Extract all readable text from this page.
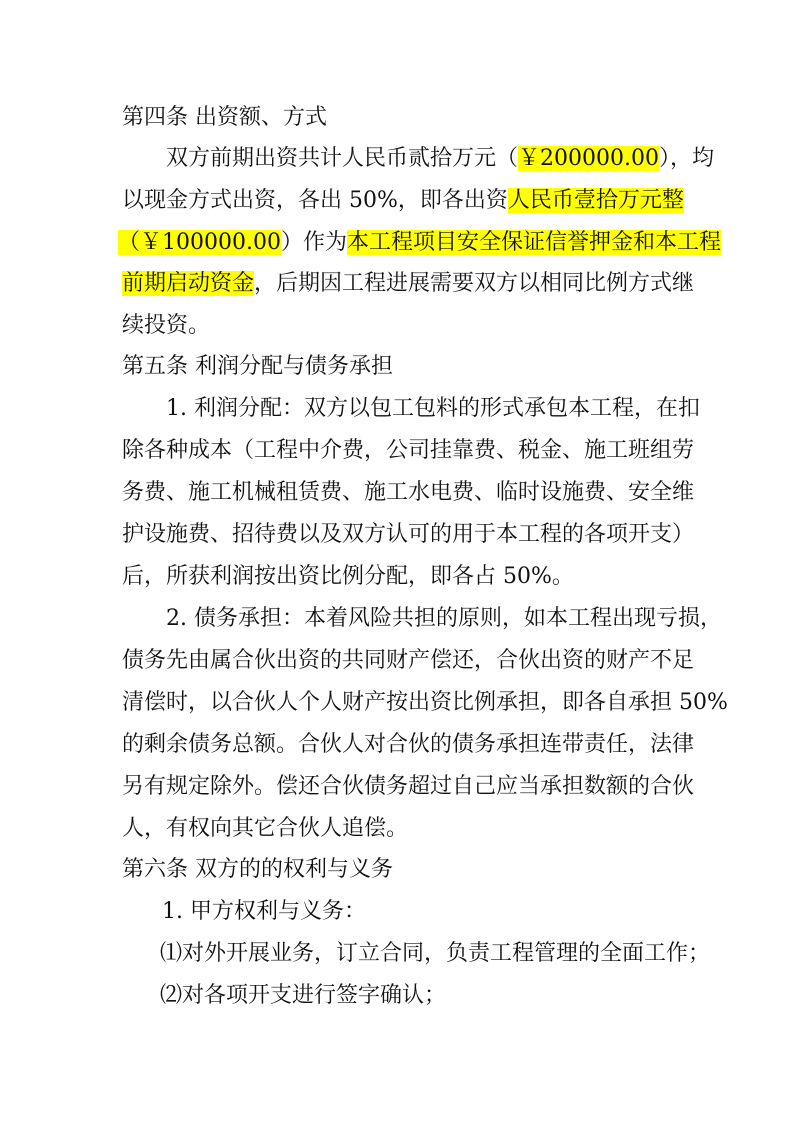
第四条 出资额、方式
双方前期出资共计人民币贰拾万元（￥200000.00），均
以现金方式出资，各出 50%，即各出资人民币壹拾万元整
（￥100000.00）作为本工程项目安全保证信誉押金和本工程
前期启动资金，后期因工程进展需要双方以相同比例方式继
续投资。
第五条 利润分配与债务承担
1. 利润分配：双方以包工包料的形式承包本工程，在扣
除各种成本（工程中介费，公司挂靠费、税金、施工班组劳
务费、施工机械租赁费、施工水电费、临时设施费、安全维
护设施费、招待费以及双方认可的用于本工程的各项开支）
后，所获利润按出资比例分配，即各占 50%。
2. 债务承担：本着风险共担的原则，如本工程出现亏损，
债务先由属合伙出资的共同财产偿还，合伙出资的财产不足
清偿时，以合伙人个人财产按出资比例承担，即各自承担 50%
的剩余债务总额。合伙人对合伙的债务承担连带责任，法律
另有规定除外。偿还合伙债务超过自己应当承担数额的合伙
人，有权向其它合伙人追偿。
第六条 双方的的权利与义务
1. 甲方权利与义务：
⑴对外开展业务，订立合同，负责工程管理的全面工作；
⑵对各项开支进行签字确认；
